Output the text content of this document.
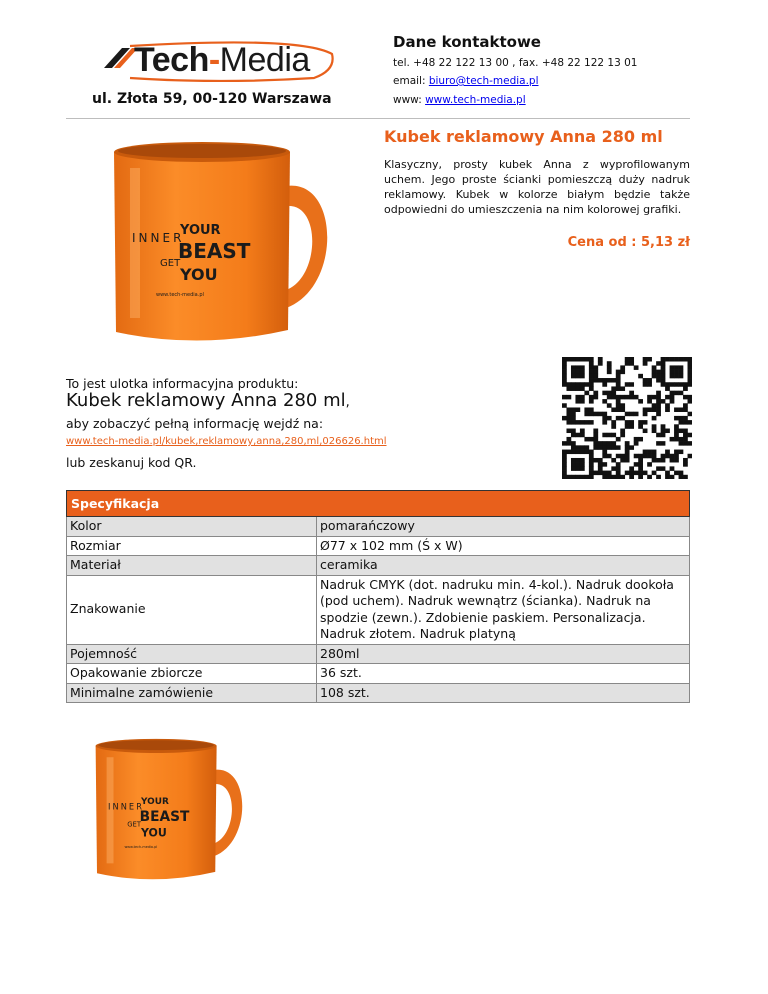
Tech-Media
ul. Złota 59, 00-120 Warszawa
Dane kontaktowe
tel. +48 22 122 13 00 , fax. +48 22 122 13 01
email: biuro@tech-media.pl
www: www.tech-media.pl
YOUR
INNER
BEAST
GET
YOU
www.tech-media.pl
Kubek reklamowy Anna 280 ml
Klasyczny, prosty kubek Anna z wyprofilowanym uchem. Jego proste ścianki pomieszczą duży nadruk reklamowy. Kubek w kolorze białym będzie także odpowiedni do umieszczenia na nim kolorowej grafiki.
Cena od : 5,13 zł
To jest ulotka informacyjna produktu:
Kubek reklamowy Anna 280 ml,
aby zobaczyć pełną informację wejdź na:
www.tech-media.pl/kubek,reklamowy,anna,280,ml,026626.html
lub zeskanuj kod QR.
Specyfikacja	
Kolor	pomarańczowy
Rozmiar	Ø77 x 102 mm (Ś x W)
Materiał	ceramika
Znakowanie	Nadruk CMYK (dot. nadruku min. 4-kol.). Nadruk dookoła (pod uchem). Nadruk wewnątrz (ścianka). Nadruk na spodzie (zewn.). Zdobienie paskiem. Personalizacja. Nadruk złotem. Nadruk platyną
Pojemność	280ml
Opakowanie zbiorcze	36 szt.
Minimalne zamówienie	108 szt.
YOUR
INNER
BEAST
GET
YOU
www.tech-media.pl
